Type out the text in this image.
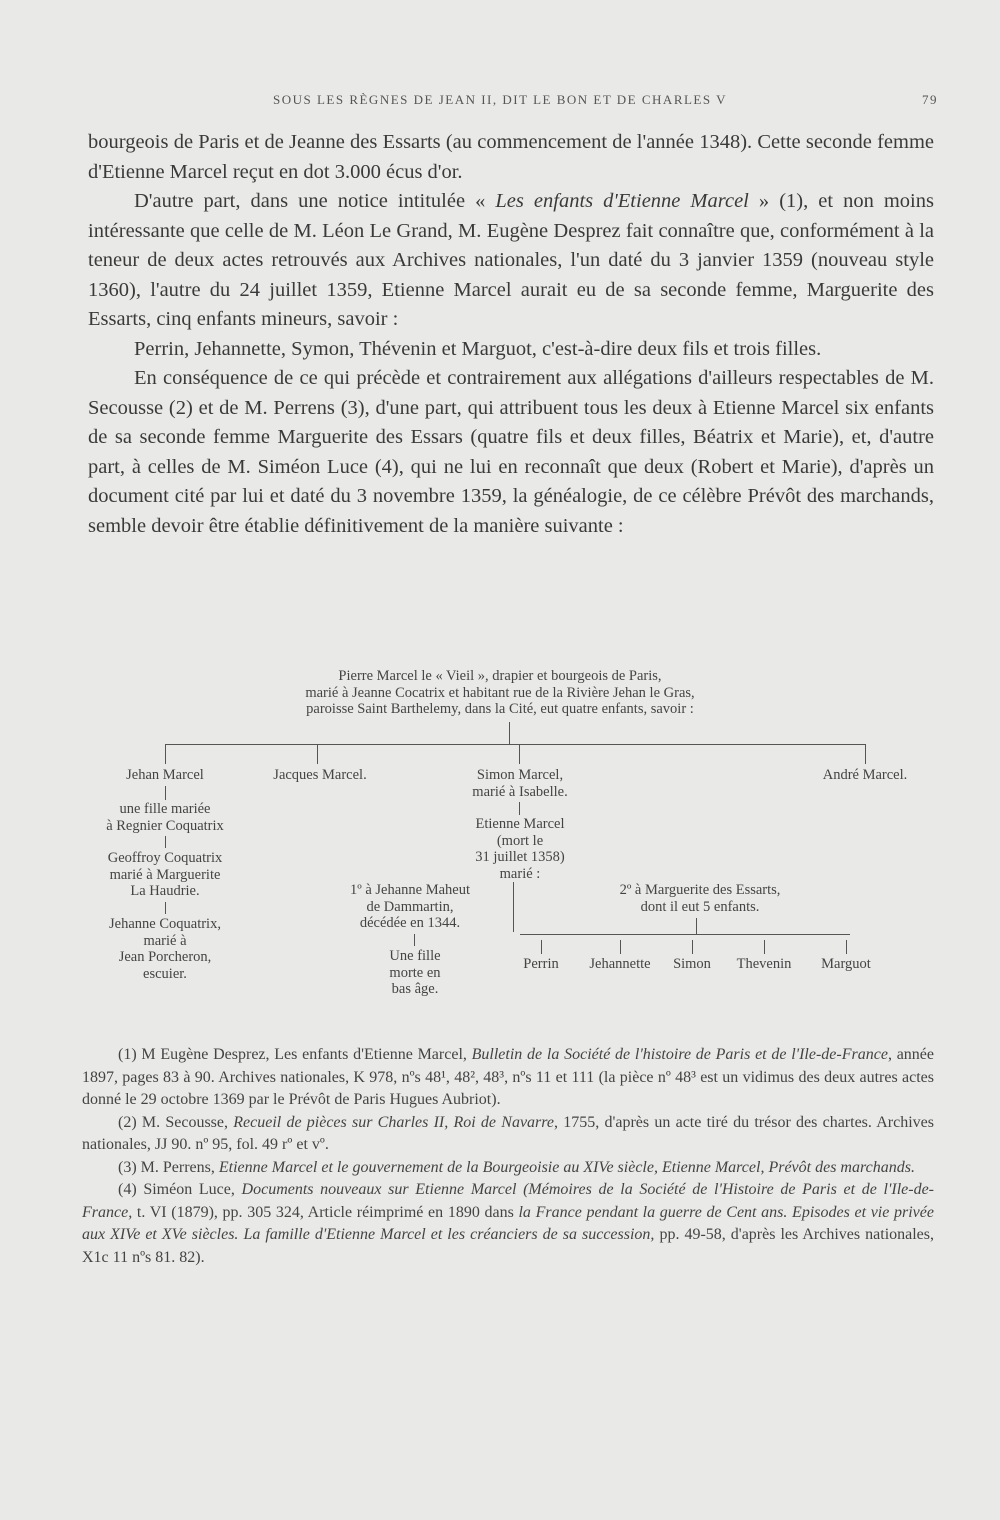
SOUS LES RÈGNES DE JEAN II, DIT LE BON ET DE CHARLES V	79

bourgeois de Paris et de Jeanne des Essarts (au commencement de l'année 1348). Cette seconde femme d'Etienne Marcel reçut en dot 3.000 écus d'or.

D'autre part, dans une notice intitulée « Les enfants d'Etienne Marcel » (1), et non moins intéressante que celle de M. Léon Le Grand, M. Eugène Desprez fait connaître que, conformément à la teneur de deux actes retrouvés aux Archives nationales, l'un daté du 3 janvier 1359 (nouveau style 1360), l'autre du 24 juillet 1359, Etienne Marcel aurait eu de sa seconde femme, Marguerite des Essarts, cinq enfants mineurs, savoir :

Perrin, Jehannette, Symon, Thévenin et Marguot, c'est-à-dire deux fils et trois filles.

En conséquence de ce qui précède et contrairement aux allégations d'ailleurs respectables de M. Secousse (2) et de M. Perrens (3), d'une part, qui attribuent tous les deux à Etienne Marcel six enfants de sa seconde femme Marguerite des Essars (quatre fils et deux filles, Béatrix et Marie), et, d'autre part, à celles de M. Siméon Luce (4), qui ne lui en reconnaît que deux (Robert et Marie), d'après un document cité par lui et daté du 3 novembre 1359, la généalogie, de ce célèbre Prévôt des marchands, semble devoir être établie définitivement de la manière suivante :

Pierre Marcel le « Vieil », drapier et bourgeois de Paris,
marié à Jeanne Cocatrix et habitant rue de la Rivière Jehan le Gras,
paroisse Saint Barthelemy, dans la Cité, eut quatre enfants, savoir :
Jehan Marcel
une fille mariée
à Regnier Coquatrix
Geoffroy Coquatrix
marié à Marguerite
La Haudrie.
Jehanne Coquatrix,
marié à
Jean Porcheron,
escuier.
Jacques Marcel.	Simon Marcel,
marié à Isabelle.
Etienne Marcel
(mort le
31 juillet 1358)
marié :
André Marcel.
1º à Jehanne Maheut
de Dammartin,
décédée en 1344.
Une fille
morte en
bas âge.
2º à Marguerite des Essarts,
dont il eut 5 enfants.
Perrin	Jehannette	Simon	Thevenin	Marguot

(1) M Eugène Desprez, Les enfants d'Etienne Marcel, Bulletin de la Société de l'histoire de Paris et de l'Ile-de-France, année 1897, pages 83 à 90. Archives nationales, K 978, nºs 48¹, 48², 48³, nºs 11 et 111 (la pièce nº 48³ est un vidimus des deux autres actes donné le 29 octobre 1369 par le Prévôt de Paris Hugues Aubriot).

(2) M. Secousse, Recueil de pièces sur Charles II, Roi de Navarre, 1755, d'après un acte tiré du trésor des chartes. Archives nationales, JJ 90. nº 95, fol. 49 rº et vº.

(3) M. Perrens, Etienne Marcel et le gouvernement de la Bourgeoisie au XIVe siècle, Etienne Marcel, Prévôt des marchands.

(4) Siméon Luce, Documents nouveaux sur Etienne Marcel (Mémoires de la Société de l'Histoire de Paris et de l'Ile-de-France, t. VI (1879), pp. 305 324, Article réimprimé en 1890 dans la France pendant la guerre de Cent ans. Episodes et vie privée aux XIVe et XVe siècles. La famille d'Etienne Marcel et les créanciers de sa succession, pp. 49-58, d'après les Archives nationales, X1c 11 nºs 81. 82).
